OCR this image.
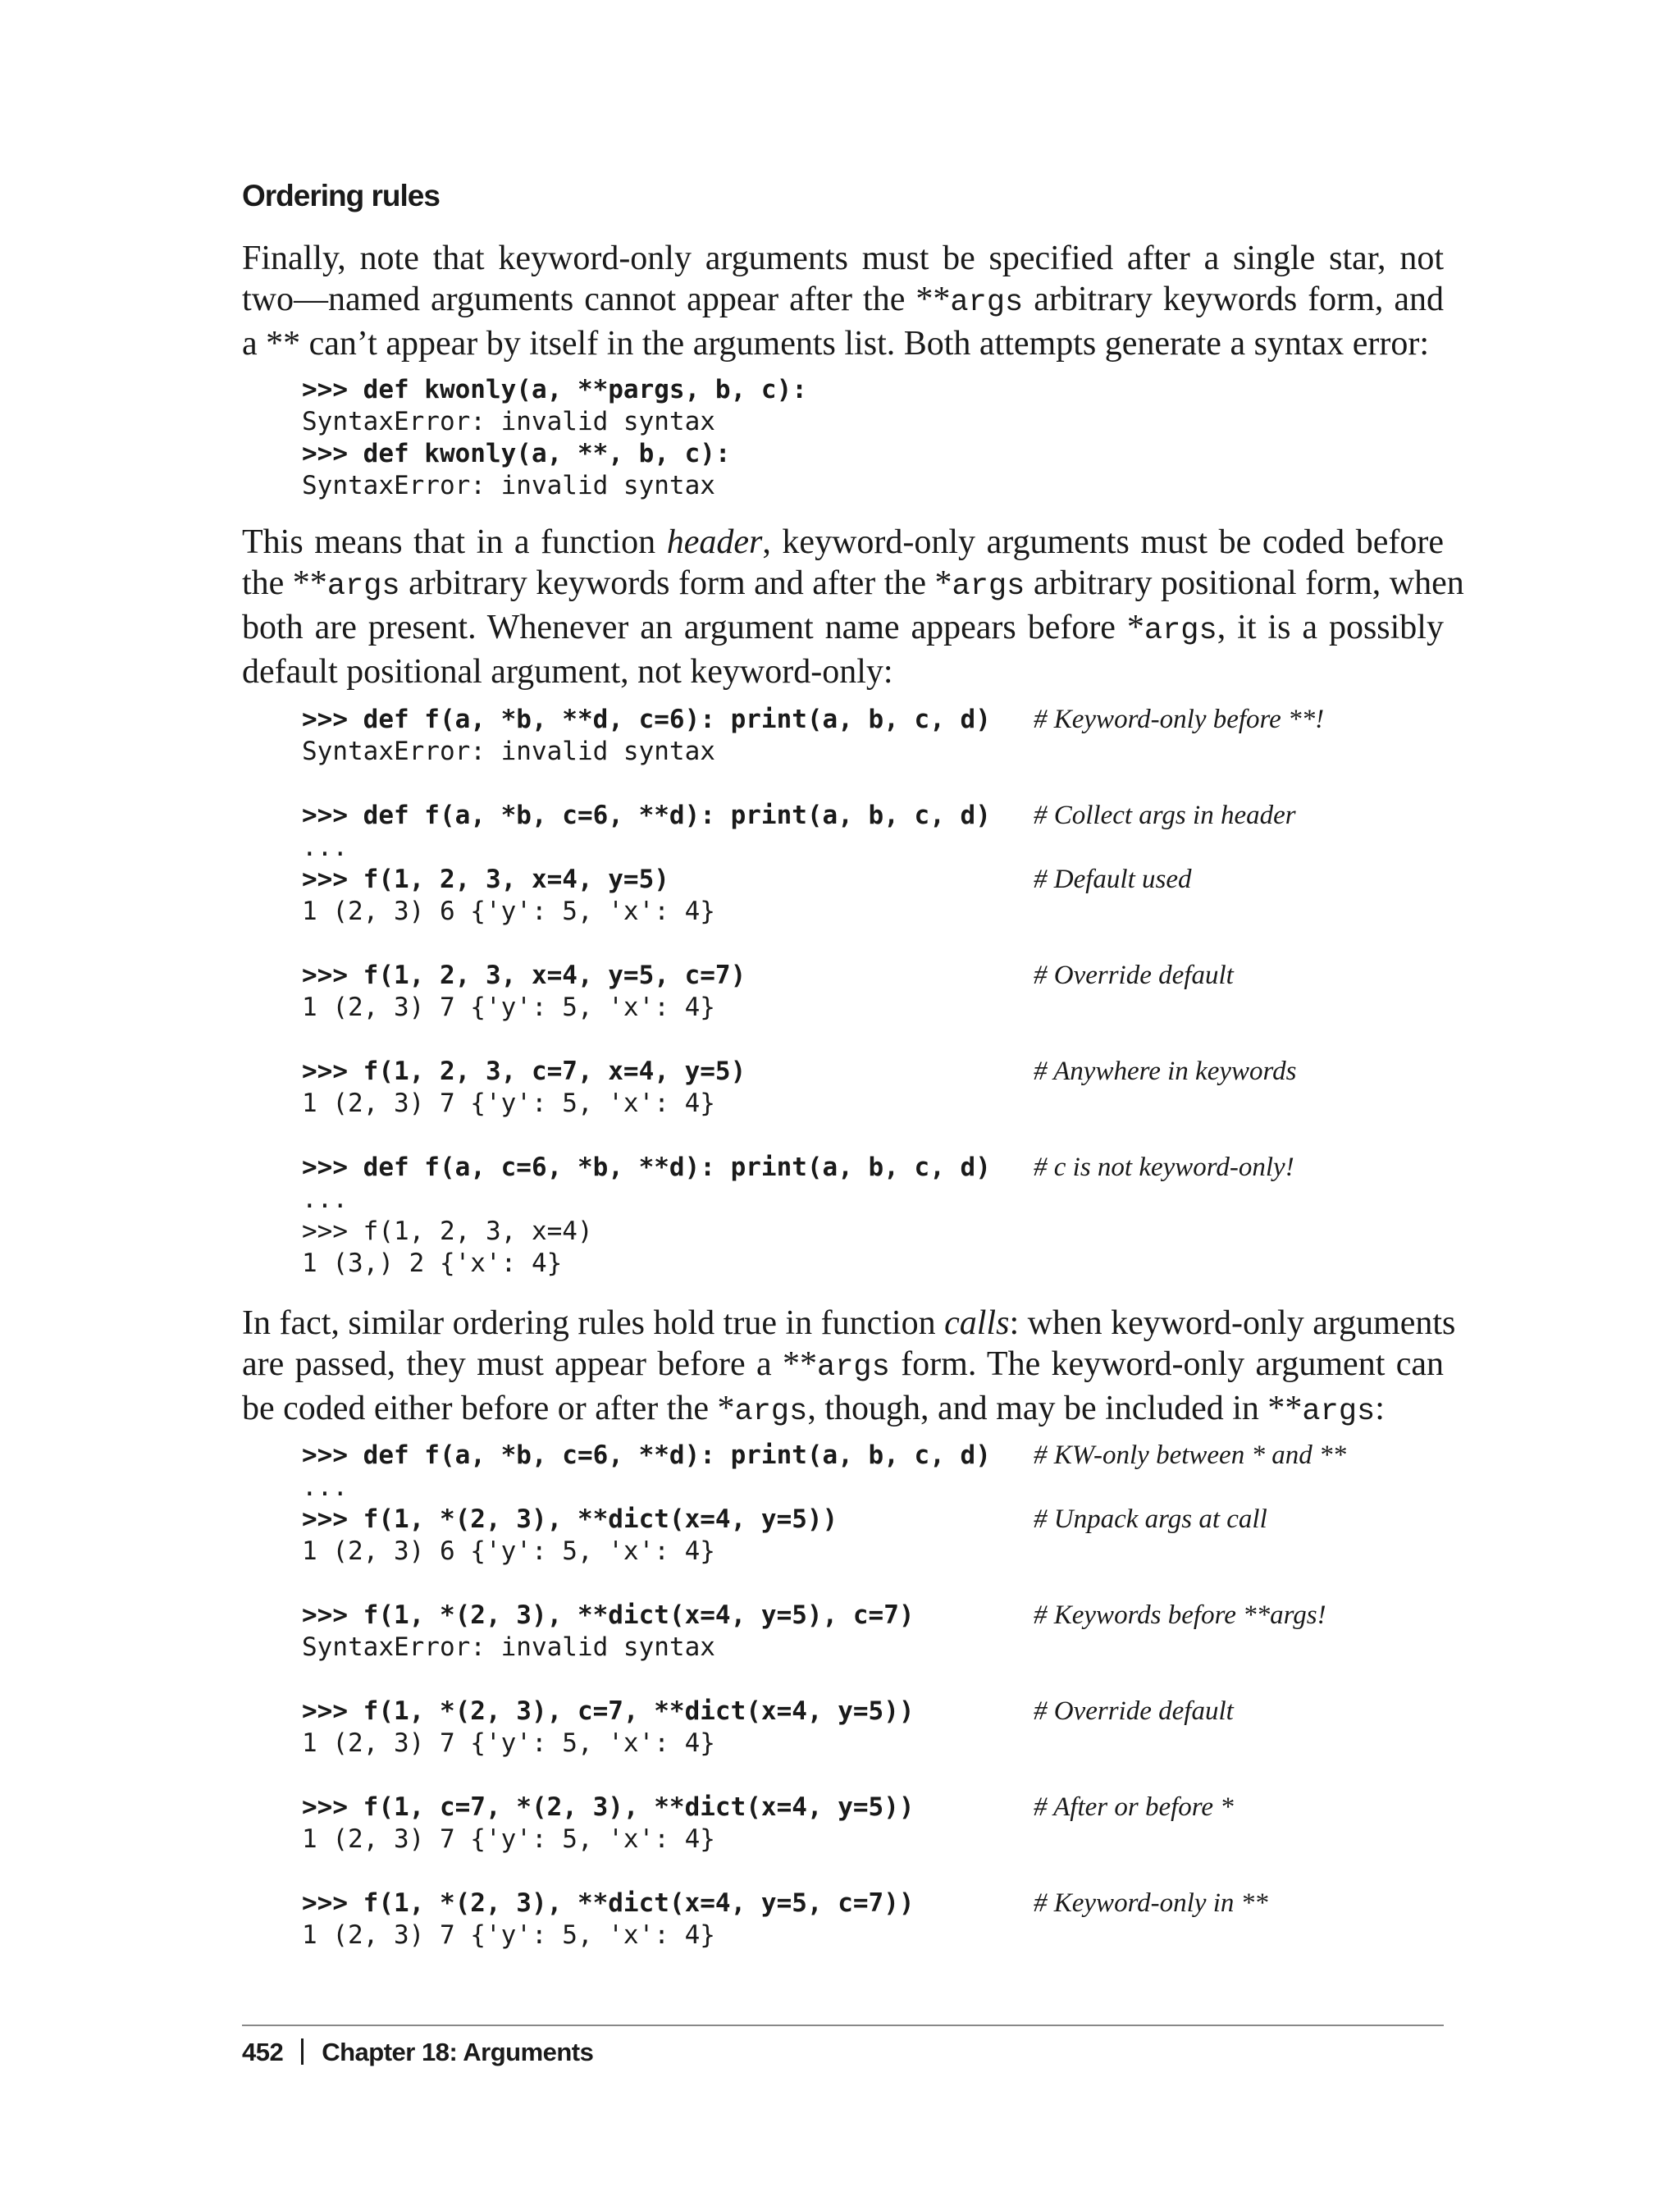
Ordering rules
Finally, note that keyword-only arguments must be specified after a single star, not
two—named arguments cannot appear after the **args arbitrary keywords form, and
a ** can’t appear by itself in the arguments list. Both attempts generate a syntax error:
>>> def kwonly(a, **pargs, b, c):
SyntaxError: invalid syntax
>>> def kwonly(a, **, b, c):
SyntaxError: invalid syntax
This means that in a function header, keyword-only arguments must be coded before
the **args arbitrary keywords form and after the *args arbitrary positional form, when
both are present. Whenever an argument name appears before *args, it is a possibly
default positional argument, not keyword-only:
>>> def f(a, *b, **d, c=6): print(a, b, c, d) # Keyword-only before **!
SyntaxError: invalid syntax
>>> def f(a, *b, c=6, **d): print(a, b, c, d) # Collect args in header
...
>>> f(1, 2, 3, x=4, y=5)	# Default used
1 (2, 3) 6 {'y': 5, 'x': 4}
>>> f(1, 2, 3, x=4, y=5, c=7)	# Override default
1 (2, 3) 7 {'y': 5, 'x': 4}
>>> f(1, 2, 3, c=7, x=4, y=5)	# Anywhere in keywords
1 (2, 3) 7 {'y': 5, 'x': 4}
>>> def f(a, c=6, *b, **d): print(a, b, c, d) # c is not keyword-only!
...
>>> f(1, 2, 3, x=4)
1 (3,) 2 {'x': 4}
In fact, similar ordering rules hold true in function calls: when keyword-only arguments
are passed, they must appear before a **args form. The keyword-only argument can
be coded either before or after the *args, though, and may be included in **args:
>>> def f(a, *b, c=6, **d): print(a, b, c, d) # KW-only between * and **
...
>>> f(1, *(2, 3), **dict(x=4, y=5))	# Unpack args at call
1 (2, 3) 6 {'y': 5, 'x': 4}
>>> f(1, *(2, 3), **dict(x=4, y=5), c=7)	# Keywords before **args!
SyntaxError: invalid syntax
>>> f(1, *(2, 3), c=7, **dict(x=4, y=5))	# Override default
1 (2, 3) 7 {'y': 5, 'x': 4}
>>> f(1, c=7, *(2, 3), **dict(x=4, y=5))	# After or before *
1 (2, 3) 7 {'y': 5, 'x': 4}
>>> f(1, *(2, 3), **dict(x=4, y=5, c=7))	# Keyword-only in **
1 (2, 3) 7 {'y': 5, 'x': 4}
452 Chapter 18: Arguments
